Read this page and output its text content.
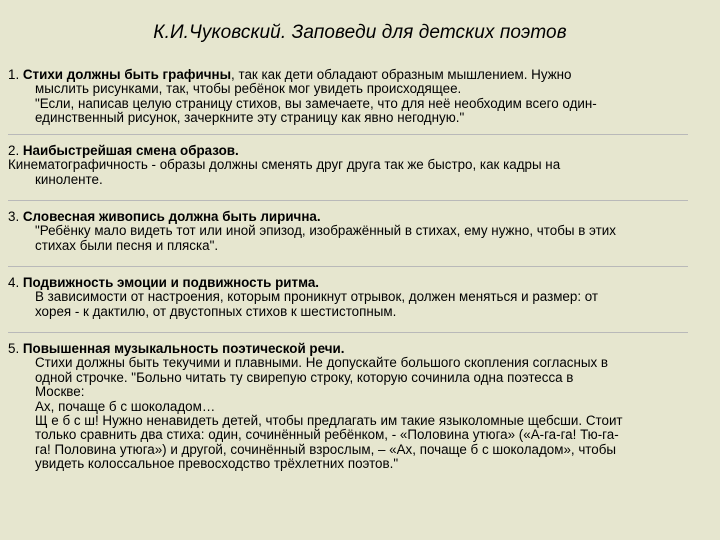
К.И.Чуковский. Заповеди для детских поэтов
1. Стихи должны быть графичны, так как дети обладают образным мышлением. Нужно
мыслить рисунками, так, чтобы ребёнок мог увидеть происходящее.
"Если, написав целую страницу стихов, вы замечаете, что для неё необходим всего один-
единственный рисунок, зачеркните эту страницу как явно негодную."
2. Наибыстрейшая смена образов.
Кинематографичность - образы должны сменять друг друга так же быстро, как кадры на
киноленте.
3. Словесная живопись должна быть лирична.
"Ребёнку мало видеть тот или иной эпизод, изображённый в стихах, ему нужно, чтобы в этих
стихах были песня и пляска".
4. Подвижность эмоции и подвижность ритма.
В зависимости от настроения, которым проникнут отрывок, должен меняться и размер: от
хорея - к дактилю, от двустопных стихов к шестистопным.
5. Повышенная музыкальность поэтической речи.
Стихи должны быть текучими и плавными. Не допускайте большого скопления согласных в
одной строчке. "Больно читать ту свирепую строку, которую сочинила одна поэтесса в
Москве:
Ах, почаще б с шоколадом…
Щ е б с ш! Нужно ненавидеть детей, чтобы предлагать им такие языколомные щебсши. Стоит
только сравнить два стиха: один, сочинённый ребёнком, - «Половина утюга» («А-га-га! Тю-га-
га! Половина утюга») и другой, сочинённый взрослым, – «Ах, почаще б с шоколадом», чтобы
увидеть колоссальное превосходство трёхлетних поэтов."
